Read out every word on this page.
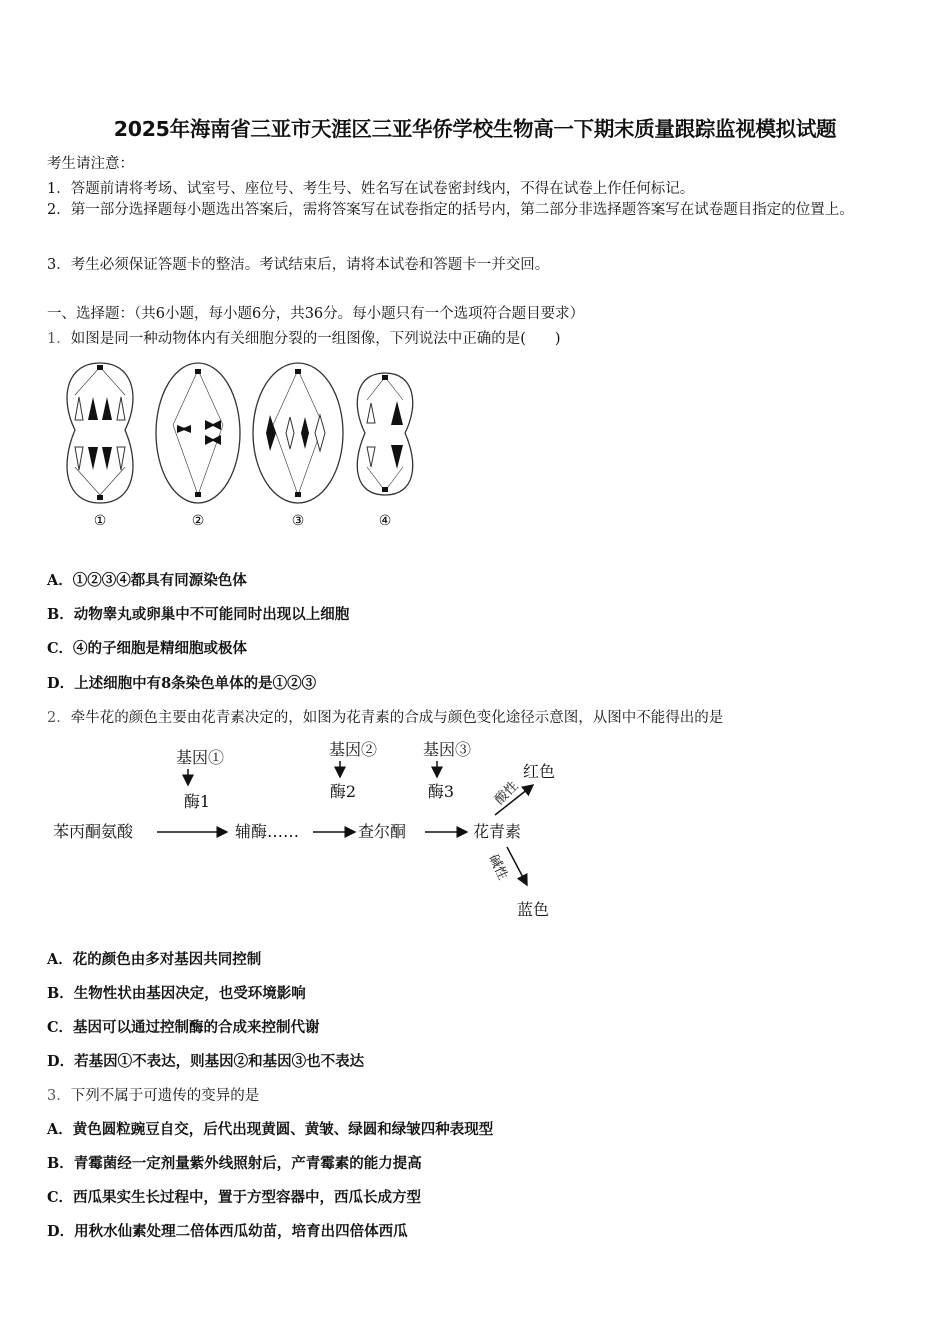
2025年海南省三亚市天涯区三亚华侨学校生物高一下期末质量跟踪监视模拟试题
考生请注意：
1．答题前请将考场、试室号、座位号、考生号、姓名写在试卷密封线内，不得在试卷上作任何标记。
2．第一部分选择题每小题选出答案后，需将答案写在试卷指定的括号内，第二部分非选择题答案写在试卷题目指定的位置上。
3．考生必须保证答题卡的整洁。考试结束后，请将本试卷和答题卡一并交回。
一、选择题：（共6小题，每小题6分，共36分。每小题只有一个选项符合题目要求）
1．如图是同一种动物体内有关细胞分裂的一组图像，下列说法中正确的是(　　)
①	②	③	④
A．①②③④都具有同源染色体
B．动物睾丸或卵巢中不可能同时出现以上细胞
C．④的子细胞是精细胞或极体
D．上述细胞中有8条染色单体的是①②③
2．牵牛花的颜色主要由花青素决定的，如图为花青素的合成与颜色变化途径示意图，从图中不能得出的是
基因①
酶1
基因②
酶2
基因③
酶3
苯丙酮氨酸	辅酶……	查尔酮	花青素
红色
蓝色
酸性
碱性
A．花的颜色由多对基因共同控制
B．生物性状由基因决定，也受环境影响
C．基因可以通过控制酶的合成来控制代谢
D．若基因①不表达，则基因②和基因③也不表达
3．下列不属于可遗传的变异的是
A．黄色圆粒豌豆自交，后代出现黄圆、黄皱、绿圆和绿皱四种表现型
B．青霉菌经一定剂量紫外线照射后，产青霉素的能力提高
C．西瓜果实生长过程中，置于方型容器中，西瓜长成方型
D．用秋水仙素处理二倍体西瓜幼苗，培育出四倍体西瓜
